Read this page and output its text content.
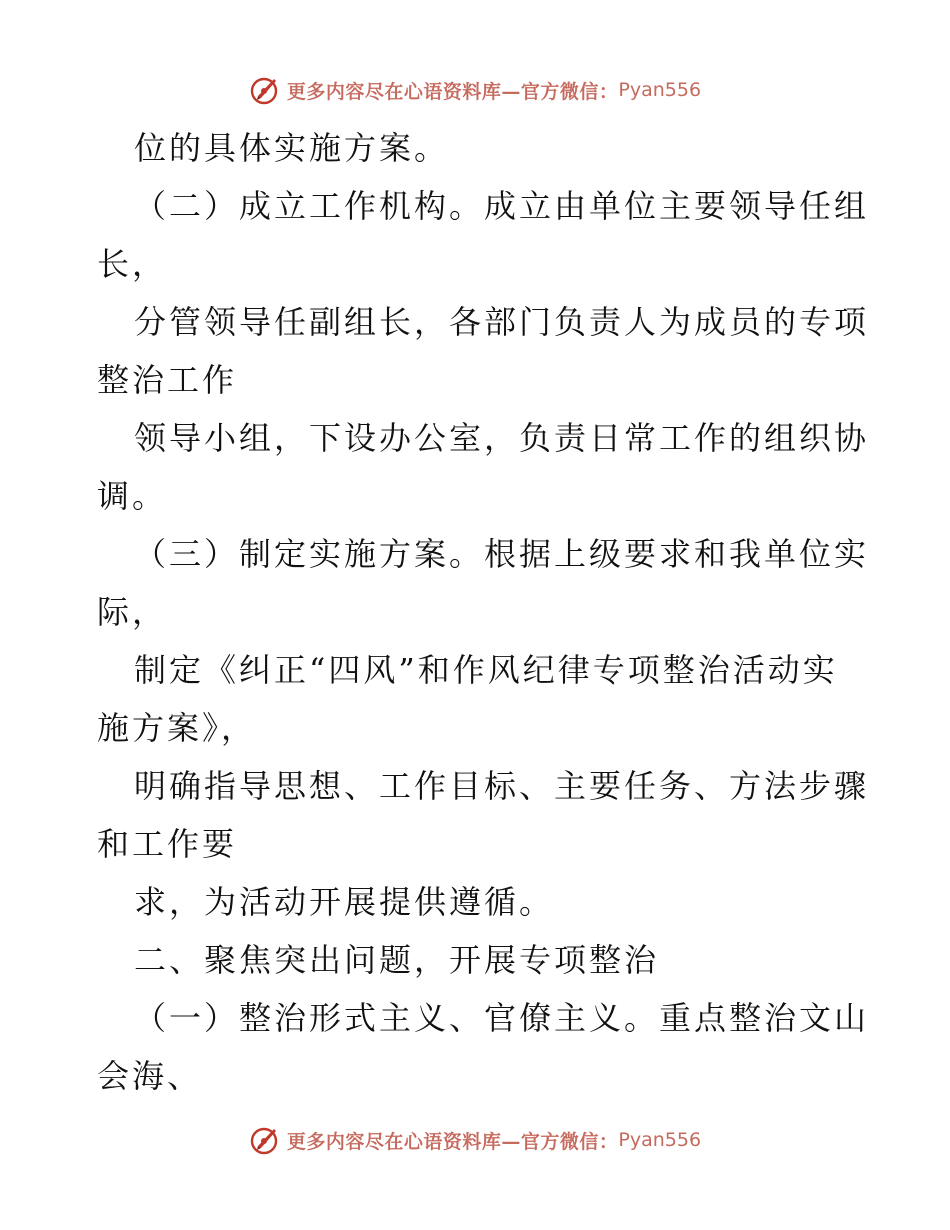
更多内容尽在心语资料库—官方微信： Pyan556
位的具体实施方案。
（二）成立工作机构。成立由单位主要领导任组
长，
分管领导任副组长，各部门负责人为成员的专项
整治工作
领导小组，下设办公室，负责日常工作的组织协
调。
（三）制定实施方案。根据上级要求和我单位实
际，
制定《纠正“四风”和作风纪律专项整治活动实
施方案》，
明确指导思想、工作目标、主要任务、方法步骤
和工作要
求，为活动开展提供遵循。
二、聚焦突出问题，开展专项整治
（一）整治形式主义、官僚主义。重点整治文山
会海、
更多内容尽在心语资料库—官方微信： Pyan556
